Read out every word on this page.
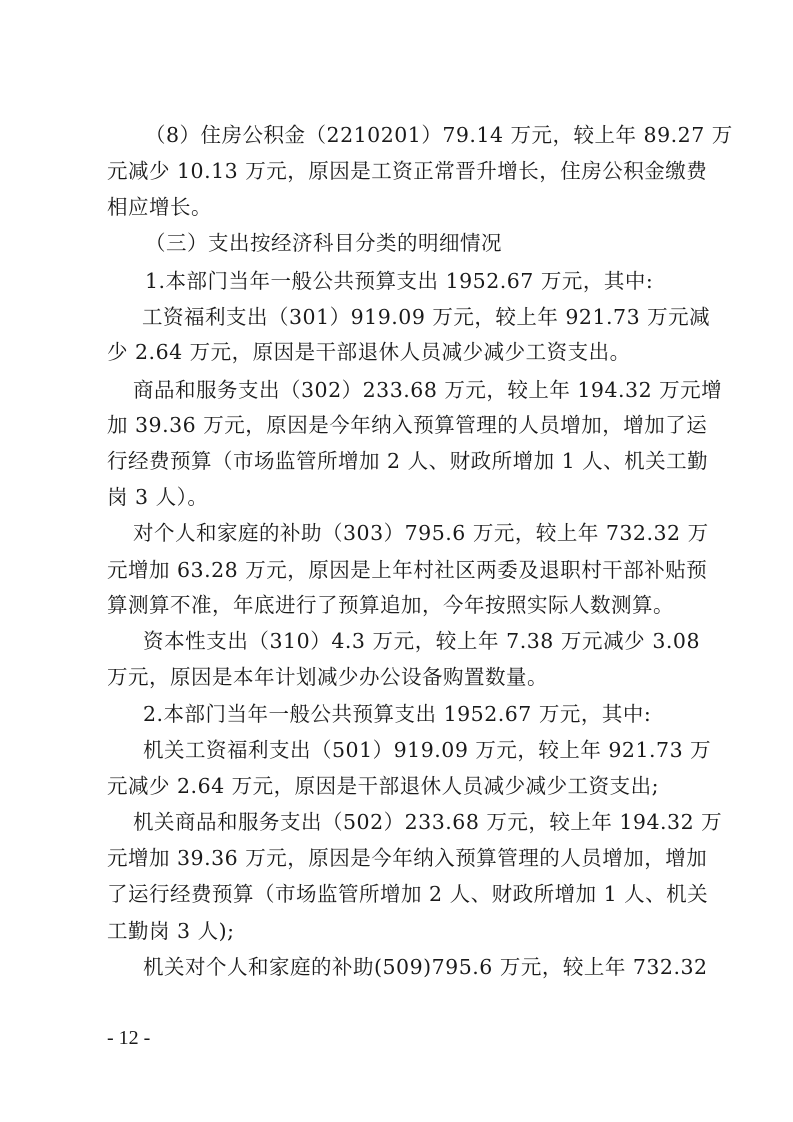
（8）住房公积金（2210201）79.14 万元，较上年 89.27 万
元减少 10.13 万元，原因是工资正常晋升增长，住房公积金缴费
相应增长。
（三）支出按经济科目分类的明细情况
1.本部门当年一般公共预算支出 1952.67 万元，其中:
工资福利支出（301）919.09 万元，较上年 921.73 万元减
少 2.64 万元，原因是干部退休人员减少减少工资支出。
商品和服务支出（302）233.68 万元，较上年 194.32 万元增
加 39.36 万元，原因是今年纳入预算管理的人员增加，增加了运
行经费预算（市场监管所增加 2 人、财政所增加 1 人、机关工勤
岗 3 人）。
对个人和家庭的补助（303）795.6 万元，较上年 732.32 万
元增加 63.28 万元，原因是上年村社区两委及退职村干部补贴预
算测算不准，年底进行了预算追加，今年按照实际人数测算。
资本性支出（310）4.3 万元，较上年 7.38 万元减少 3.08
万元，原因是本年计划减少办公设备购置数量。
2.本部门当年一般公共预算支出 1952.67 万元，其中:
机关工资福利支出（501）919.09 万元，较上年 921.73 万
元减少 2.64 万元，原因是干部退休人员减少减少工资支出;
机关商品和服务支出（502）233.68 万元，较上年 194.32 万
元增加 39.36 万元，原因是今年纳入预算管理的人员增加，增加
了运行经费预算（市场监管所增加 2 人、财政所增加 1 人、机关
工勤岗 3 人);
机关对个人和家庭的补助(509)795.6 万元，较上年 732.32
- 12 -
